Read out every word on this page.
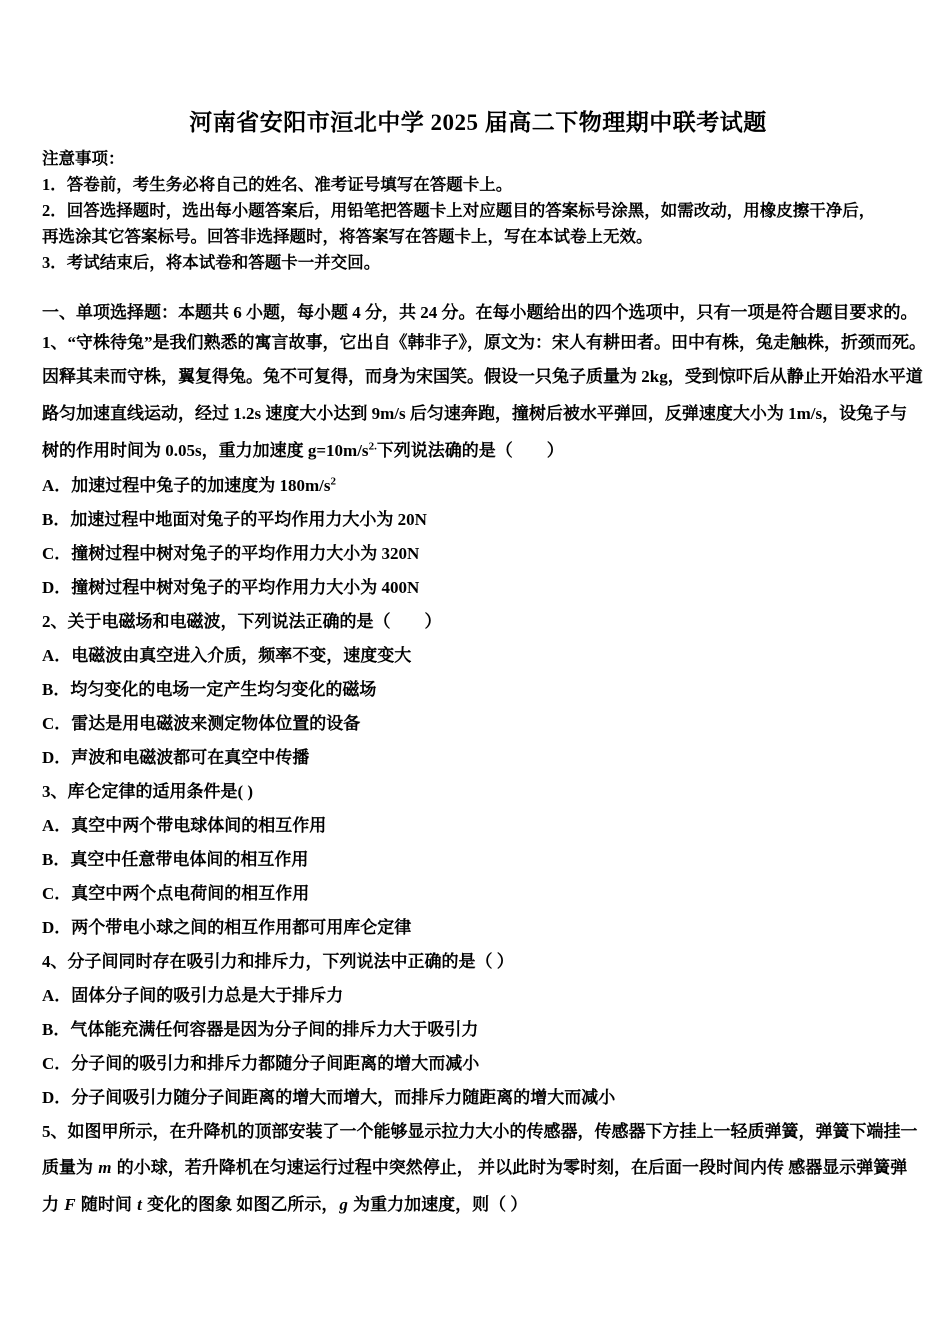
河南省安阳市洹北中学 2025 届高二下物理期中联考试题
注意事项：
1．答卷前，考生务必将自己的姓名、准考证号填写在答题卡上。
2．回答选择题时，选出每小题答案后，用铅笔把答题卡上对应题目的答案标号涂黑，如需改动，用橡皮擦干净后，
再选涂其它答案标号。回答非选择题时，将答案写在答题卡上，写在本试卷上无效。
3．考试结束后，将本试卷和答题卡一并交回。
一、单项选择题：本题共 6 小题，每小题 4 分，共 24 分。在每小题给出的四个选项中，只有一项是符合题目要求的。
1、“守株待兔”是我们熟悉的寓言故事，它出自《韩非子》，原文为：宋人有耕田者。田中有株，兔走触株，折颈而死。
因释其耒而守株，翼复得兔。兔不可复得，而身为宋国笑。假设一只兔子质量为 2kg，受到惊吓后从静止开始沿水平道
路匀加速直线运动，经过 1.2s 速度大小达到 9m/s 后匀速奔跑，撞树后被水平弹回，反弹速度大小为 1m/s，设兔子与
树的作用时间为 0.05s，重力加速度 $g=10m/s^{2.}$下列说法确的是（　　）
A．加速过程中兔子的加速度为 $180m/s^2$
B．加速过程中地面对兔子的平均作用力大小为 20N
C．撞树过程中树对兔子的平均作用力大小为 320N
D．撞树过程中树对兔子的平均作用力大小为 400N
2、关于电磁场和电磁波，下列说法正确的是（　　）
A．电磁波由真空进入介质，频率不变，速度变大
B．均匀变化的电场一定产生均匀变化的磁场
C．雷达是用电磁波来测定物体位置的设备
D．声波和电磁波都可在真空中传播
3、库仑定律的适用条件是( )
A．真空中两个带电球体间的相互作用
B．真空中任意带电体间的相互作用
C．真空中两个点电荷间的相互作用
D．两个带电小球之间的相互作用都可用库仑定律
4、分子间同时存在吸引力和排斥力，下列说法中正确的是（ ）
A．固体分子间的吸引力总是大于排斥力
B．气体能充满任何容器是因为分子间的排斥力大于吸引力
C．分子间的吸引力和排斥力都随分子间距离的增大而减小
D．分子间吸引力随分子间距离的增大而增大，而排斥力随距离的增大而减小
5、如图甲所示，在升降机的顶部安装了一个能够显示拉力大小的传感器，传感器下方挂上一轻质弹簧，弹簧下端挂一
质量为 m 的小球，若升降机在匀速运行过程中突然停止， 并以此时为零时刻，在后面一段时间内传 感器显示弹簧弹
力 F 随时间 t 变化的图象 如图乙所示，g 为重力加速度，则（ ）
